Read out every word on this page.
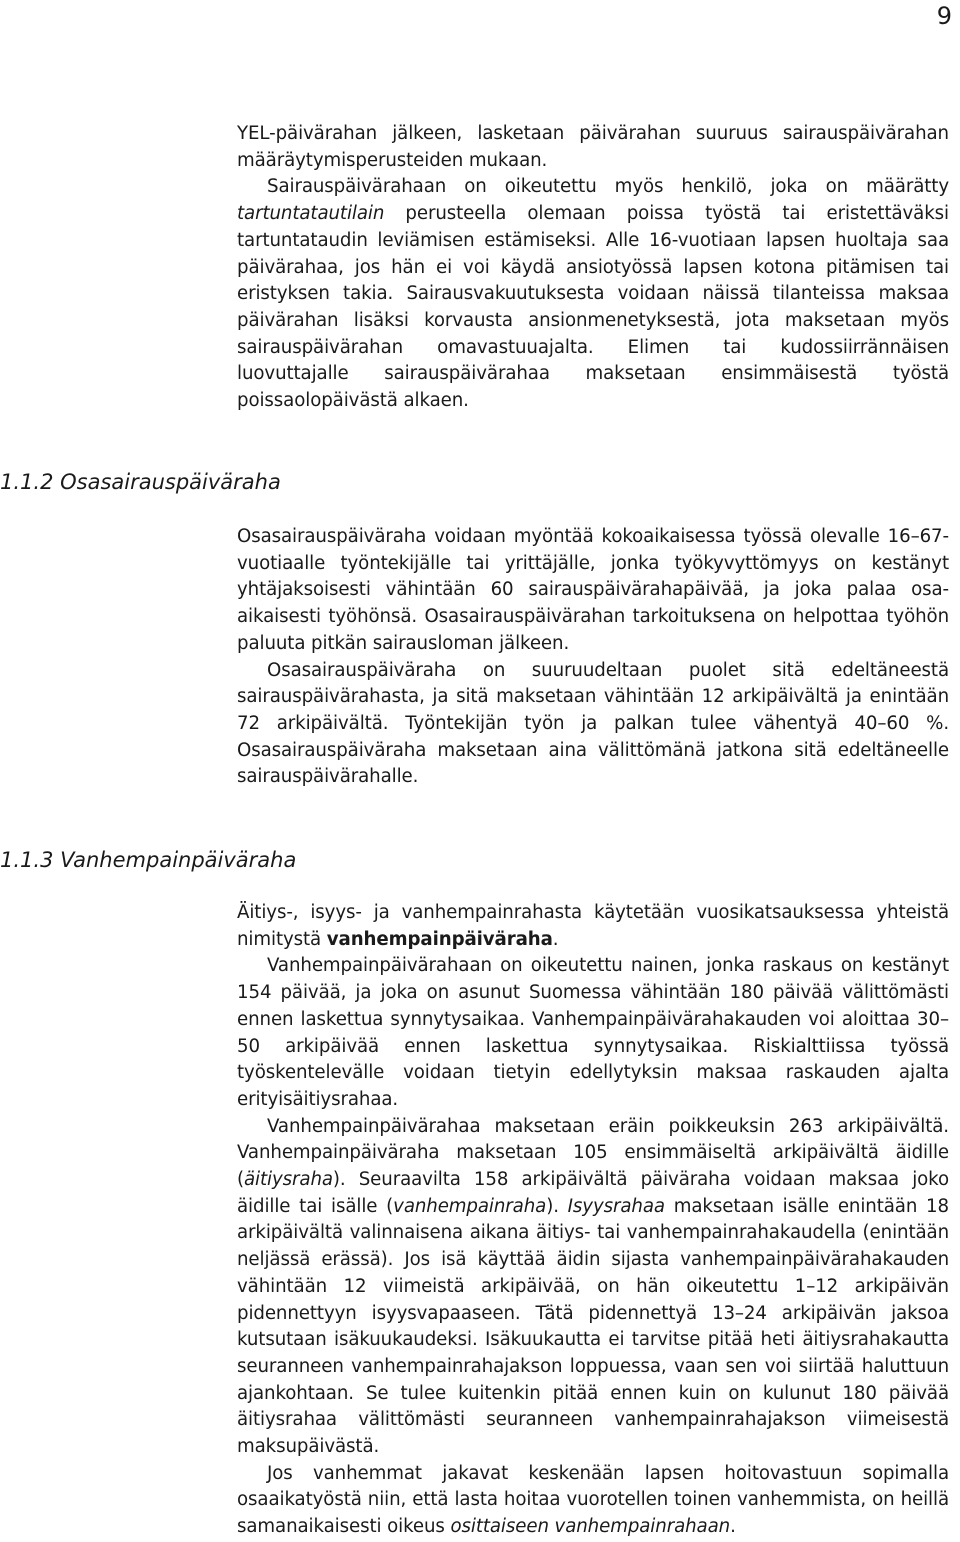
9

YEL-päivärahan jälkeen, lasketaan päivärahan suuruus sairauspäivärahan määräytymisperusteiden mukaan.

Sairauspäivärahaan on oikeutettu myös henkilö, joka on määrätty tartuntatautilain perusteella olemaan poissa työstä tai eristettäväksi tartuntataudin leviämisen estämiseksi. Alle 16-vuotiaan lapsen huoltaja saa päivärahaa, jos hän ei voi käydä ansiotyössä lapsen kotona pitämisen tai eristyksen takia. Sairausvakuutuksesta voidaan näissä tilanteissa maksaa päivärahan lisäksi korvausta ansionmenetyksestä, jota maksetaan myös sairauspäivärahan omavastuuajalta. Elimen tai kudossiirrännäisen luovuttajalle sairauspäivärahaa maksetaan ensimmäisestä työstä poissaolopäivästä alkaen.

1.1.2 Osasairauspäiväraha

Osasairauspäiväraha voidaan myöntää kokoaikaisessa työssä olevalle 16–67-vuotiaalle työntekijälle tai yrittäjälle, jonka työkyvyttömyys on kestänyt yhtäjaksoisesti vähintään 60 sairauspäivärahapäivää, ja joka palaa osa-aikaisesti työhönsä. Osasairauspäivärahan tarkoituksena on helpottaa työhön paluuta pitkän sairausloman jälkeen.

Osasairauspäiväraha on suuruudeltaan puolet sitä edeltäneestä sairauspäivärahasta, ja sitä maksetaan vähintään 12 arkipäivältä ja enintään 72 arkipäivältä. Työntekijän työn ja palkan tulee vähentyä 40–60 %. Osasairauspäiväraha maksetaan aina välittömänä jatkona sitä edeltäneelle sairauspäivärahalle.

1.1.3 Vanhempainpäiväraha

Äitiys-, isyys- ja vanhempainrahasta käytetään vuosikatsauksessa yhteistä nimitystä vanhempainpäiväraha.

Vanhempainpäivärahaan on oikeutettu nainen, jonka raskaus on kestänyt 154 päivää, ja joka on asunut Suomessa vähintään 180 päivää välittömästi ennen laskettua synnytysaikaa. Vanhempainpäivärahakauden voi aloittaa 30–50 arkipäivää ennen laskettua synnytysaikaa. Riskialttiissa työssä työskentelevälle voidaan tietyin edellytyksin maksaa raskauden ajalta erityisäitiysrahaa.

Vanhempainpäivärahaa maksetaan eräin poikkeuksin 263 arkipäivältä. Vanhempainpäiväraha maksetaan 105 ensimmäiseltä arkipäivältä äidille (äitiysraha). Seuraavilta 158 arkipäivältä päiväraha voidaan maksaa joko äidille tai isälle (vanhempainraha). Isyysrahaa maksetaan isälle enintään 18 arkipäivältä valinnaisena aikana äitiys- tai vanhempainrahakaudella (enintään neljässä erässä). Jos isä käyttää äidin sijasta vanhempainpäivärahakauden vähintään 12 viimeistä arkipäivää, on hän oikeutettu 1–12 arkipäivän pidennettyyn isyysvapaaseen. Tätä pidennettyä 13–24 arkipäivän jaksoa kutsutaan isäkuukaudeksi. Isäkuukautta ei tarvitse pitää heti äitiysrahakautta seuranneen vanhempainrahajakson loppuessa, vaan sen voi siirtää haluttuun ajankohtaan. Se tulee kuitenkin pitää ennen kuin on kulunut 180 päivää äitiysrahaa välittömästi seuranneen vanhempainrahajakson viimeisestä maksupäivästä.

Jos vanhemmat jakavat keskenään lapsen hoitovastuun sopimalla osaaikatyöstä niin, että lasta hoitaa vuorotellen toinen vanhemmista, on heillä samanaikaisesti oikeus osittaiseen vanhempainrahaan.
